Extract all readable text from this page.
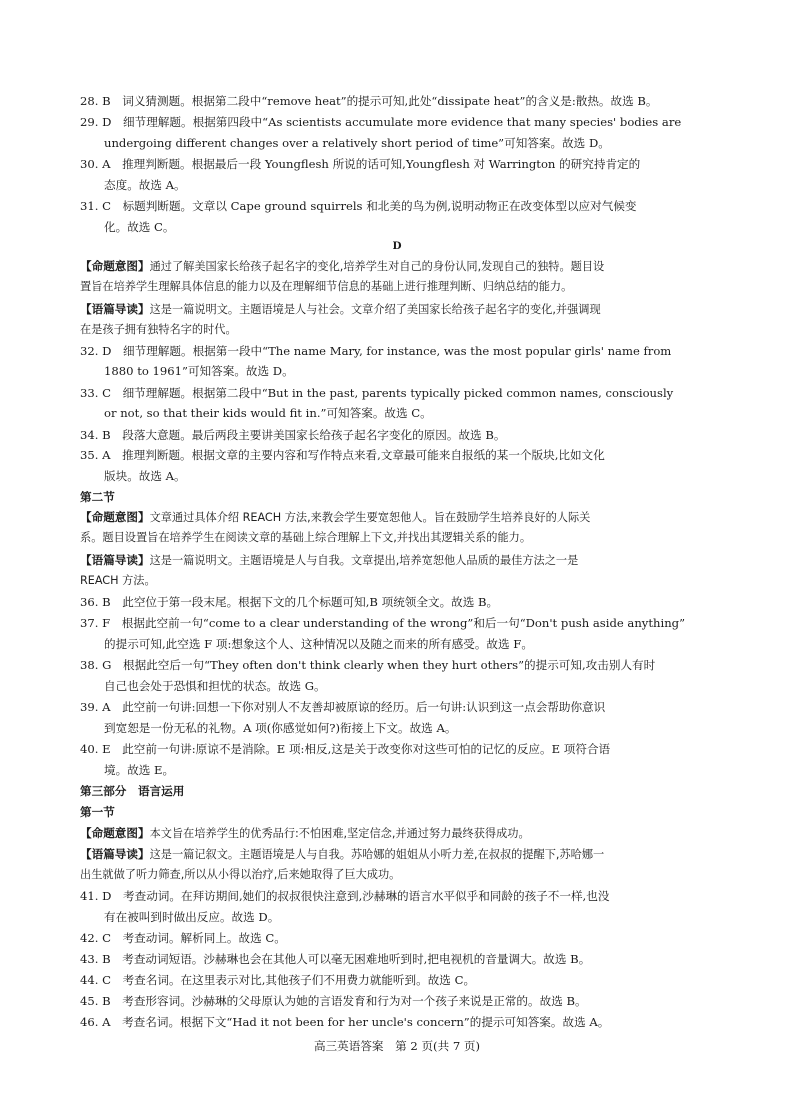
28. B　词义猜测题。根据第二段中“remove heat”的提示可知,此处“dissipate heat”的含义是:散热。故选 B。
29. D　细节理解题。根据第四段中“As scientists accumulate more evidence that many species' bodies are
undergoing different changes over a relatively short period of time”可知答案。故选 D。
30. A　推理判断题。根据最后一段 Youngflesh 所说的话可知,Youngflesh 对 Warrington 的研究持肯定的
态度。故选 A。
31. C　标题判断题。文章以 Cape ground squirrels 和北美的鸟为例,说明动物正在改变体型以应对气候变
化。故选 C。
D
【命题意图】通过了解美国家长给孩子起名字的变化,培养学生对自己的身份认同,发现自己的独特。题目设
置旨在培养学生理解具体信息的能力以及在理解细节信息的基础上进行推理判断、归纳总结的能力。
【语篇导读】这是一篇说明文。主题语境是人与社会。文章介绍了美国家长给孩子起名字的变化,并强调现
在是孩子拥有独特名字的时代。
32. D　细节理解题。根据第一段中“The name Mary, for instance, was the most popular girls' name from
1880 to 1961”可知答案。故选 D。
33. C　细节理解题。根据第二段中“But in the past, parents typically picked common names, consciously
or not, so that their kids would fit in.”可知答案。故选 C。
34. B　段落大意题。最后两段主要讲美国家长给孩子起名字变化的原因。故选 B。
35. A　推理判断题。根据文章的主要内容和写作特点来看,文章最可能来自报纸的某一个版块,比如文化
版块。故选 A。
第二节
【命题意图】文章通过具体介绍 REACH 方法,来教会学生要宽恕他人。旨在鼓励学生培养良好的人际关
系。题目设置旨在培养学生在阅读文章的基础上综合理解上下文,并找出其逻辑关系的能力。
【语篇导读】这是一篇说明文。主题语境是人与自我。文章提出,培养宽恕他人品质的最佳方法之一是
REACH 方法。
36. B　此空位于第一段末尾。根据下文的几个标题可知,B 项统领全文。故选 B。
37. F　根据此空前一句“come to a clear understanding of the wrong”和后一句“Don't push aside anything”
的提示可知,此空选 F 项:想象这个人、这种情况以及随之而来的所有感受。故选 F。
38. G　根据此空后一句“They often don't think clearly when they hurt others”的提示可知,攻击别人有时
自己也会处于恐惧和担忧的状态。故选 G。
39. A　此空前一句讲:回想一下你对别人不友善却被原谅的经历。后一句讲:认识到这一点会帮助你意识
到宽恕是一份无私的礼物。A 项(你感觉如何?)衔接上下文。故选 A。
40. E　此空前一句讲:原谅不是消除。E 项:相反,这是关于改变你对这些可怕的记忆的反应。E 项符合语
境。故选 E。
第三部分　语言运用
第一节
【命题意图】本文旨在培养学生的优秀品行:不怕困难,坚定信念,并通过努力最终获得成功。
【语篇导读】这是一篇记叙文。主题语境是人与自我。苏哈娜的姐姐从小听力差,在叔叔的提醒下,苏哈娜一
出生就做了听力筛查,所以从小得以治疗,后来她取得了巨大成功。
41. D　考查动词。在拜访期间,她们的叔叔很快注意到,沙赫琳的语言水平似乎和同龄的孩子不一样,也没
有在被叫到时做出反应。故选 D。
42. C　考查动词。解析同上。故选 C。
43. B　考查动词短语。沙赫琳也会在其他人可以毫无困难地听到时,把电视机的音量调大。故选 B。
44. C　考查名词。在这里表示对比,其他孩子们不用费力就能听到。故选 C。
45. B　考查形容词。沙赫琳的父母原认为她的言语发育和行为对一个孩子来说是正常的。故选 B。
46. A　考查名词。根据下文“Had it not been for her uncle's concern”的提示可知答案。故选 A。
高三英语答案　第 2 页(共 7 页)
